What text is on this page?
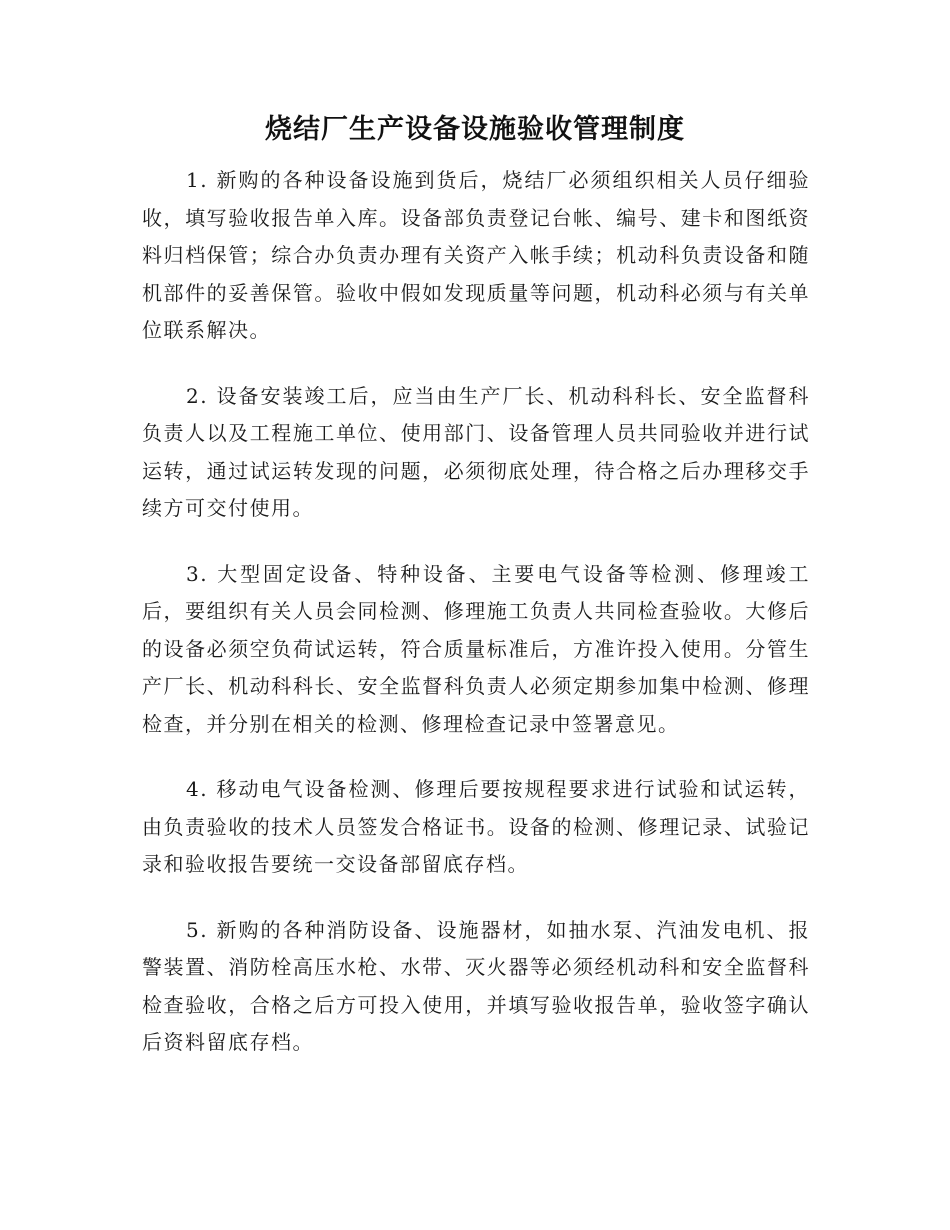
烧结厂生产设备设施验收管理制度

1. 新购的各种设备设施到货后，烧结厂必须组织相关人员仔细验收，填写验收报告单入库。设备部负责登记台帐、编号、建卡和图纸资料归档保管；综合办负责办理有关资产入帐手续；机动科负责设备和随机部件的妥善保管。验收中假如发现质量等问题，机动科必须与有关单位联系解决。

2. 设备安装竣工后，应当由生产厂长、机动科科长、安全监督科负责人以及工程施工单位、使用部门、设备管理人员共同验收并进行试运转，通过试运转发现的问题，必须彻底处理，待合格之后办理移交手续方可交付使用。

3. 大型固定设备、特种设备、主要电气设备等检测、修理竣工后，要组织有关人员会同检测、修理施工负责人共同检查验收。大修后的设备必须空负荷试运转，符合质量标准后，方准许投入使用。分管生产厂长、机动科科长、安全监督科负责人必须定期参加集中检测、修理检查，并分别在相关的检测、修理检查记录中签署意见。

4. 移动电气设备检测、修理后要按规程要求进行试验和试运转，由负责验收的技术人员签发合格证书。设备的检测、修理记录、试验记录和验收报告要统一交设备部留底存档。

5. 新购的各种消防设备、设施器材，如抽水泵、汽油发电机、报警装置、消防栓高压水枪、水带、灭火器等必须经机动科和安全监督科检查验收，合格之后方可投入使用，并填写验收报告单，验收签字确认后资料留底存档。
